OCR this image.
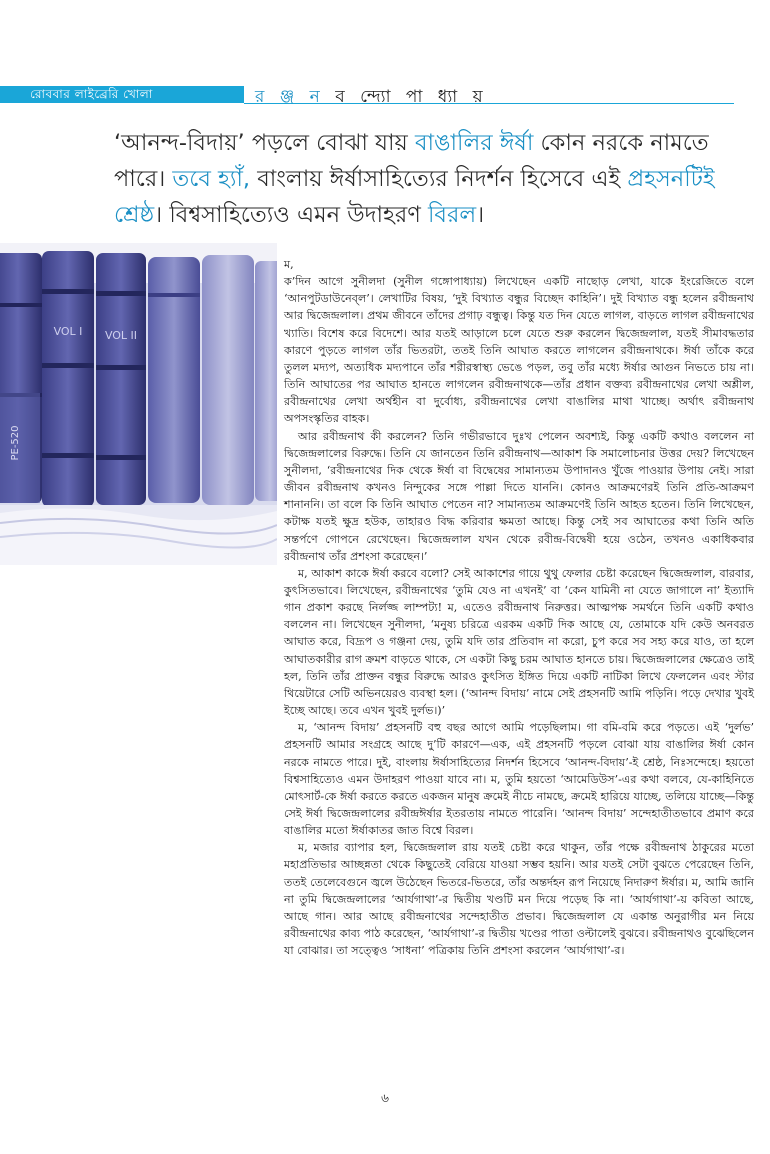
রোববার লাইব্রেরি খোলা	র ঞ্জ ন ব ন্দ্যো পা ধ্যা য়
‘আনন্দ-বিদায়’ পড়লে বোঝা যায় বাঙালির ঈর্ষা কোন নরকে নামতে পারে। তবে হ্যাঁ, বাংলায় ঈর্ষাসাহিত্যের নিদর্শন হিসেবে এই প্রহসনটিই শ্রেষ্ঠ। বিশ্বসাহিত্যেও এমন উদাহরণ বিরল।
VOL I VOL II
PE-520

ম,

ক’দিন আগে সুনীলদা (সুনীল গঙ্গোপাধ্যায়) লিখেছেন একটি নাছোড় লেখা, যাকে ইংরেজিতে বলে ‘আনপুটডাউনেব্‌ল’। লেখাটির বিষয়, ‘দুই বিখ্যাত বন্ধুর বিচ্ছেদ কাহিনি’। দুই বিখ্যাত বন্ধু হলেন রবীন্দ্রনাথ আর দ্বিজেন্দ্রলাল। প্রথম জীবনে তাঁদের প্রগাঢ় বন্ধুত্ব। কিন্তু যত দিন যেতে লাগল, বাড়তে লাগল রবীন্দ্রনাথের খ্যাতি। বিশেষ করে বিদেশে। আর যতই আড়ালে চলে যেতে শুরু করলেন দ্বিজেন্দ্রলাল, যতই সীমাবদ্ধতার কারণে পুড়তে লাগল তাঁর ভিতরটা, ততই তিনি আঘাত করতে লাগলেন রবীন্দ্রনাথকে। ঈর্ষা তাঁকে করে তুলল মদ্যপ, অত্যধিক মদ্যপানে তাঁর শরীরস্বাস্থ্য ভেঙে পড়ল, তবু তাঁর মধ্যে ঈর্ষার আগুন নিভতে চায় না। তিনি আঘাতের পর আঘাত হানতে লাগলেন রবীন্দ্রনাথকে—তাঁর প্রধান বক্তব্য রবীন্দ্রনাথের লেখা অশ্লীল, রবীন্দ্রনাথের লেখা অর্থহীন বা দুর্বোধ্য, রবীন্দ্রনাথের লেখা বাঙালির মাথা খাচ্ছে। অর্থাৎ রবীন্দ্রনাথ অপসংস্কৃতির বাহক।

আর রবীন্দ্রনাথ কী করলেন? তিনি গভীরভাবে দুঃখ পেলেন অবশ্যই, কিন্তু একটি কথাও বললেন না দ্বিজেন্দ্রলালের বিরুদ্ধে। তিনি যে জানতেন তিনি রবীন্দ্রনাথ—আকাশ কি সমালোচনার উত্তর দেয়? লিখেছেন সুনীলদা, ‘রবীন্দ্রনাথের দিক থেকে ঈর্ষা বা বিদ্বেষের সামান্যতম উপাদানও খুঁজে পাওয়ার উপায় নেই। সারা জীবন রবীন্দ্রনাথ কখনও নিন্দুকের সঙ্গে পাল্লা দিতে যাননি। কোনও আক্রমণেরই তিনি প্রতি-আক্রমণ শানাননি। তা বলে কি তিনি আঘাত পেতেন না? সামান্যতম আক্রমণেই তিনি আহত হতেন। তিনি লিখেছেন, কটাক্ষ যতই ক্ষুদ্র হউক, তাহারও বিদ্ধ করিবার ক্ষমতা আছে। কিন্তু সেই সব আঘাতের কথা তিনি অতি সন্তর্পণে গোপনে রেখেছেন। দ্বিজেন্দ্রলাল যখন থেকে রবীন্দ্র-বিদ্বেষী হয়ে ওঠেন, তখনও একাধিকবার রবীন্দ্রনাথ তাঁর প্রশংসা করেছেন।’

ম, আকাশ কাকে ঈর্ষা করবে বলো? সেই আকাশের গায়ে থুথু ফেলার চেষ্টা করেছেন দ্বিজেন্দ্রলাল, বারবার, কুৎসিতভাবে। লিখেছেন, রবীন্দ্রনাথের ‘তুমি যেও না এখনই’ বা ‘কেন যামিনী না যেতে জাগালে না’ ইত্যাদি গান প্রকাশ করছে নির্লজ্জ লাম্পট্য! ম, এতেও রবীন্দ্রনাথ নিরুত্তর। আত্মপক্ষ সমর্থনে তিনি একটি কথাও বললেন না। লিখেছেন সুনীলদা, ‘মনুষ্য চরিত্রে এরকম একটি দিক আছে যে, তোমাকে যদি কেউ অনবরত আঘাত করে, বিদ্রূপ ও গঞ্জনা দেয়, তুমি যদি তার প্রতিবাদ না করো, চুপ করে সব সহ্য করে যাও, তা হলে আঘাতকারীর রাগ ক্রমশ বাড়তে থাকে, সে একটা কিছু চরম আঘাত হানতে চায়। দ্বিজেন্দ্রলালের ক্ষেত্রেও তাই হল, তিনি তাঁর প্রাক্তন বন্ধুর বিরুদ্ধে আরও কুৎসিত ইঙ্গিত দিয়ে একটি নাটিকা লিখে ফেললেন এবং স্টার থিয়েটারে সেটি অভিনয়েরও ব্যবস্থা হল। (‘আনন্দ বিদায়’ নামে সেই প্রহসনটি আমি পড়িনি। পড়ে দেখার খুবই ইচ্ছে আছে। তবে এখন খুবই দুর্লভ।)’

ম, ‘আনন্দ বিদায়’ প্রহসনটি বহু বছর আগে আমি পড়েছিলাম। গা বমি-বমি করে পড়তে। এই ‘দুর্লভ’ প্রহসনটি আমার সংগ্রহে আছে দু’টি কারণে—এক, এই প্রহসনটি পড়লে বোঝা যায় বাঙালির ঈর্ষা কোন নরকে নামতে পারে। দুই, বাংলায় ঈর্ষাসাহিত্যের নিদর্শন হিসেবে ‘আনন্দ-বিদায়’-ই শ্রেষ্ঠ, নিঃসন্দেহে। হয়তো বিশ্বসাহিত্যেও এমন উদাহরণ পাওয়া যাবে না। ম, তুমি হয়তো ‘আমেডিউস’-এর কথা বলবে, যে-কাহিনিতে মোৎসার্ট-কে ঈর্ষা করতে করতে একজন মানুষ ক্রমেই নীচে নামছে, ক্রমেই হারিয়ে যাচ্ছে, তলিয়ে যাচ্ছে—কিন্তু সেই ঈর্ষা দ্বিজেন্দ্রলালের রবীন্দ্রঈর্ষার ইতরতায় নামতে পারেনি। ‘আনন্দ বিদায়’ সন্দেহাতীতভাবে প্রমাণ করে বাঙালির মতো ঈর্ষাকাতর জাত বিশ্বে বিরল।

ম, মজার ব্যাপার হল, দ্বিজেন্দ্রলাল রায় যতই চেষ্টা করে থাকুন, তাঁর পক্ষে রবীন্দ্রনাথ ঠাকুরের মতো মহাপ্রতিভার আচ্ছন্নতা থেকে কিছুতেই বেরিয়ে যাওয়া সম্ভব হয়নি। আর যতই সেটা বুঝতে পেরেছেন তিনি, ততই তেলেবেগুনে জ্বলে উঠেছেন ভিতরে-ভিতরে, তাঁর অন্তর্দহন রূপ নিয়েছে নিদারুণ ঈর্ষার। ম, আমি জানি না তুমি দ্বিজেন্দ্রলালের ‘আর্যগাথা’-র দ্বিতীয় খণ্ডটি মন দিয়ে পড়েছ কি না। ‘আর্যগাথা’-য় কবিতা আছে, আছে গান। আর আছে রবীন্দ্রনাথের সন্দেহাতীত প্রভাব। দ্বিজেন্দ্রলাল যে একান্ত অনুরাগীর মন নিয়ে রবীন্দ্রনাথের কাব্য পাঠ করেছেন, ‘আর্যগাথা’-র দ্বিতীয় খণ্ডের পাতা ওল্টালেই বুঝবে। রবীন্দ্রনাথও বুঝেছিলেন যা বোঝার। তা সত্ত্বেও ‘সাধনা’ পত্রিকায় তিনি প্রশংসা করলেন ‘আর্যগাথা’-র।

৬
